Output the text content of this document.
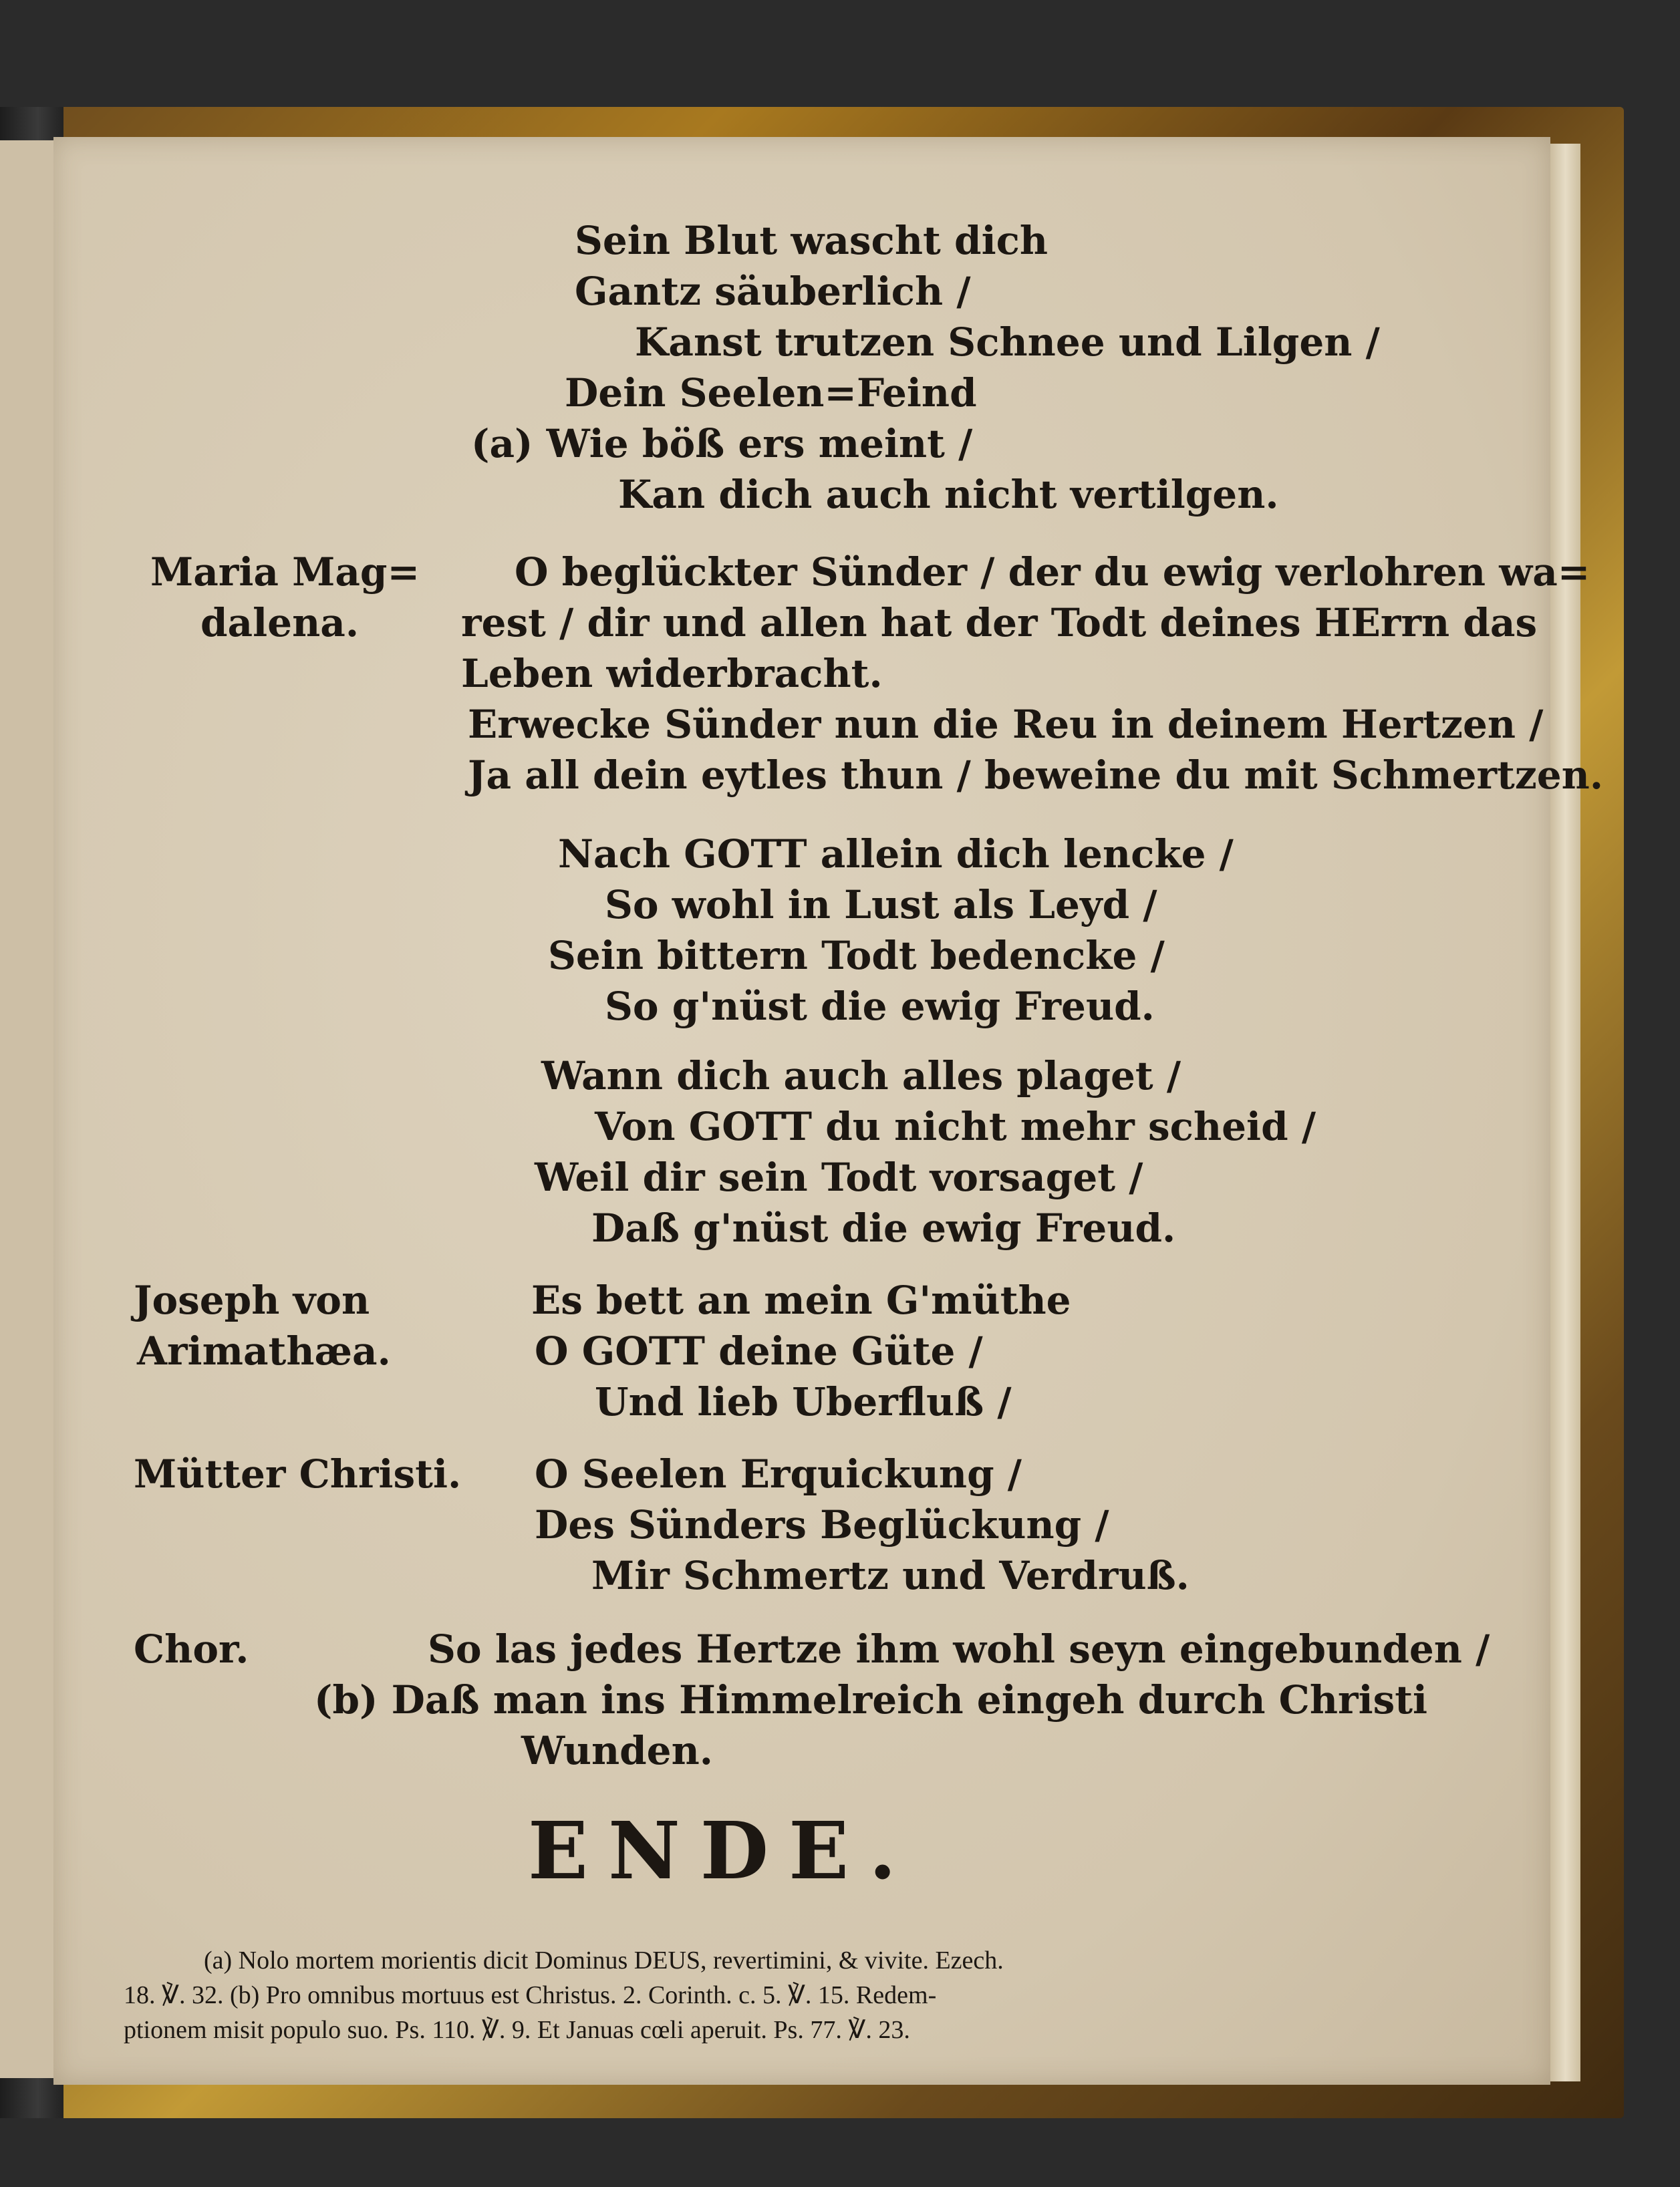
Sein Blut wascht dich
Gantz säuberlich /
Kanst trutzen Schnee und Lilgen /
Dein Seelen=Feind
(a) Wie böß ers meint /
Kan dich auch nicht vertilgen.
Maria Mag=
dalena.
O beglückter Sünder / der du ewig verlohren wa=
rest / dir und allen hat der Todt deines HErrn das
Leben widerbracht.
Erwecke Sünder nun die Reu in deinem Hertzen /
Ja all dein eytles thun / beweine du mit Schmertzen.
Nach GOTT allein dich lencke /
So wohl in Lust als Leyd /
Sein bittern Todt bedencke /
So g'nüst die ewig Freud.
Wann dich auch alles plaget /
Von GOTT du nicht mehr scheid /
Weil dir sein Todt vorsaget /
Daß g'nüst die ewig Freud.
Joseph von
Arimathæa.
Es bett an mein G'müthe
O GOTT deine Güte /
Und lieb Uberfluß /
Mütter Christi. O Seelen Erquickung /
Des Sünders Beglückung /
Mir Schmertz und Verdruß.
Chor.	So las jedes Hertze ihm wohl seyn eingebunden /
(b) Daß man ins Himmelreich eingeh durch Christi
Wunden.
ENDE.
(a) Nolo mortem morientis dicit Dominus DEUS, revertimini, & vivite. Ezech.
18. ℣. 32. (b) Pro omnibus mortuus est Christus. 2. Corinth. c. 5. ℣. 15. Redem-
ptionem misit populo suo. Ps. 110. ℣. 9. Et Januas cœli aperuit. Ps. 77. ℣. 23.
